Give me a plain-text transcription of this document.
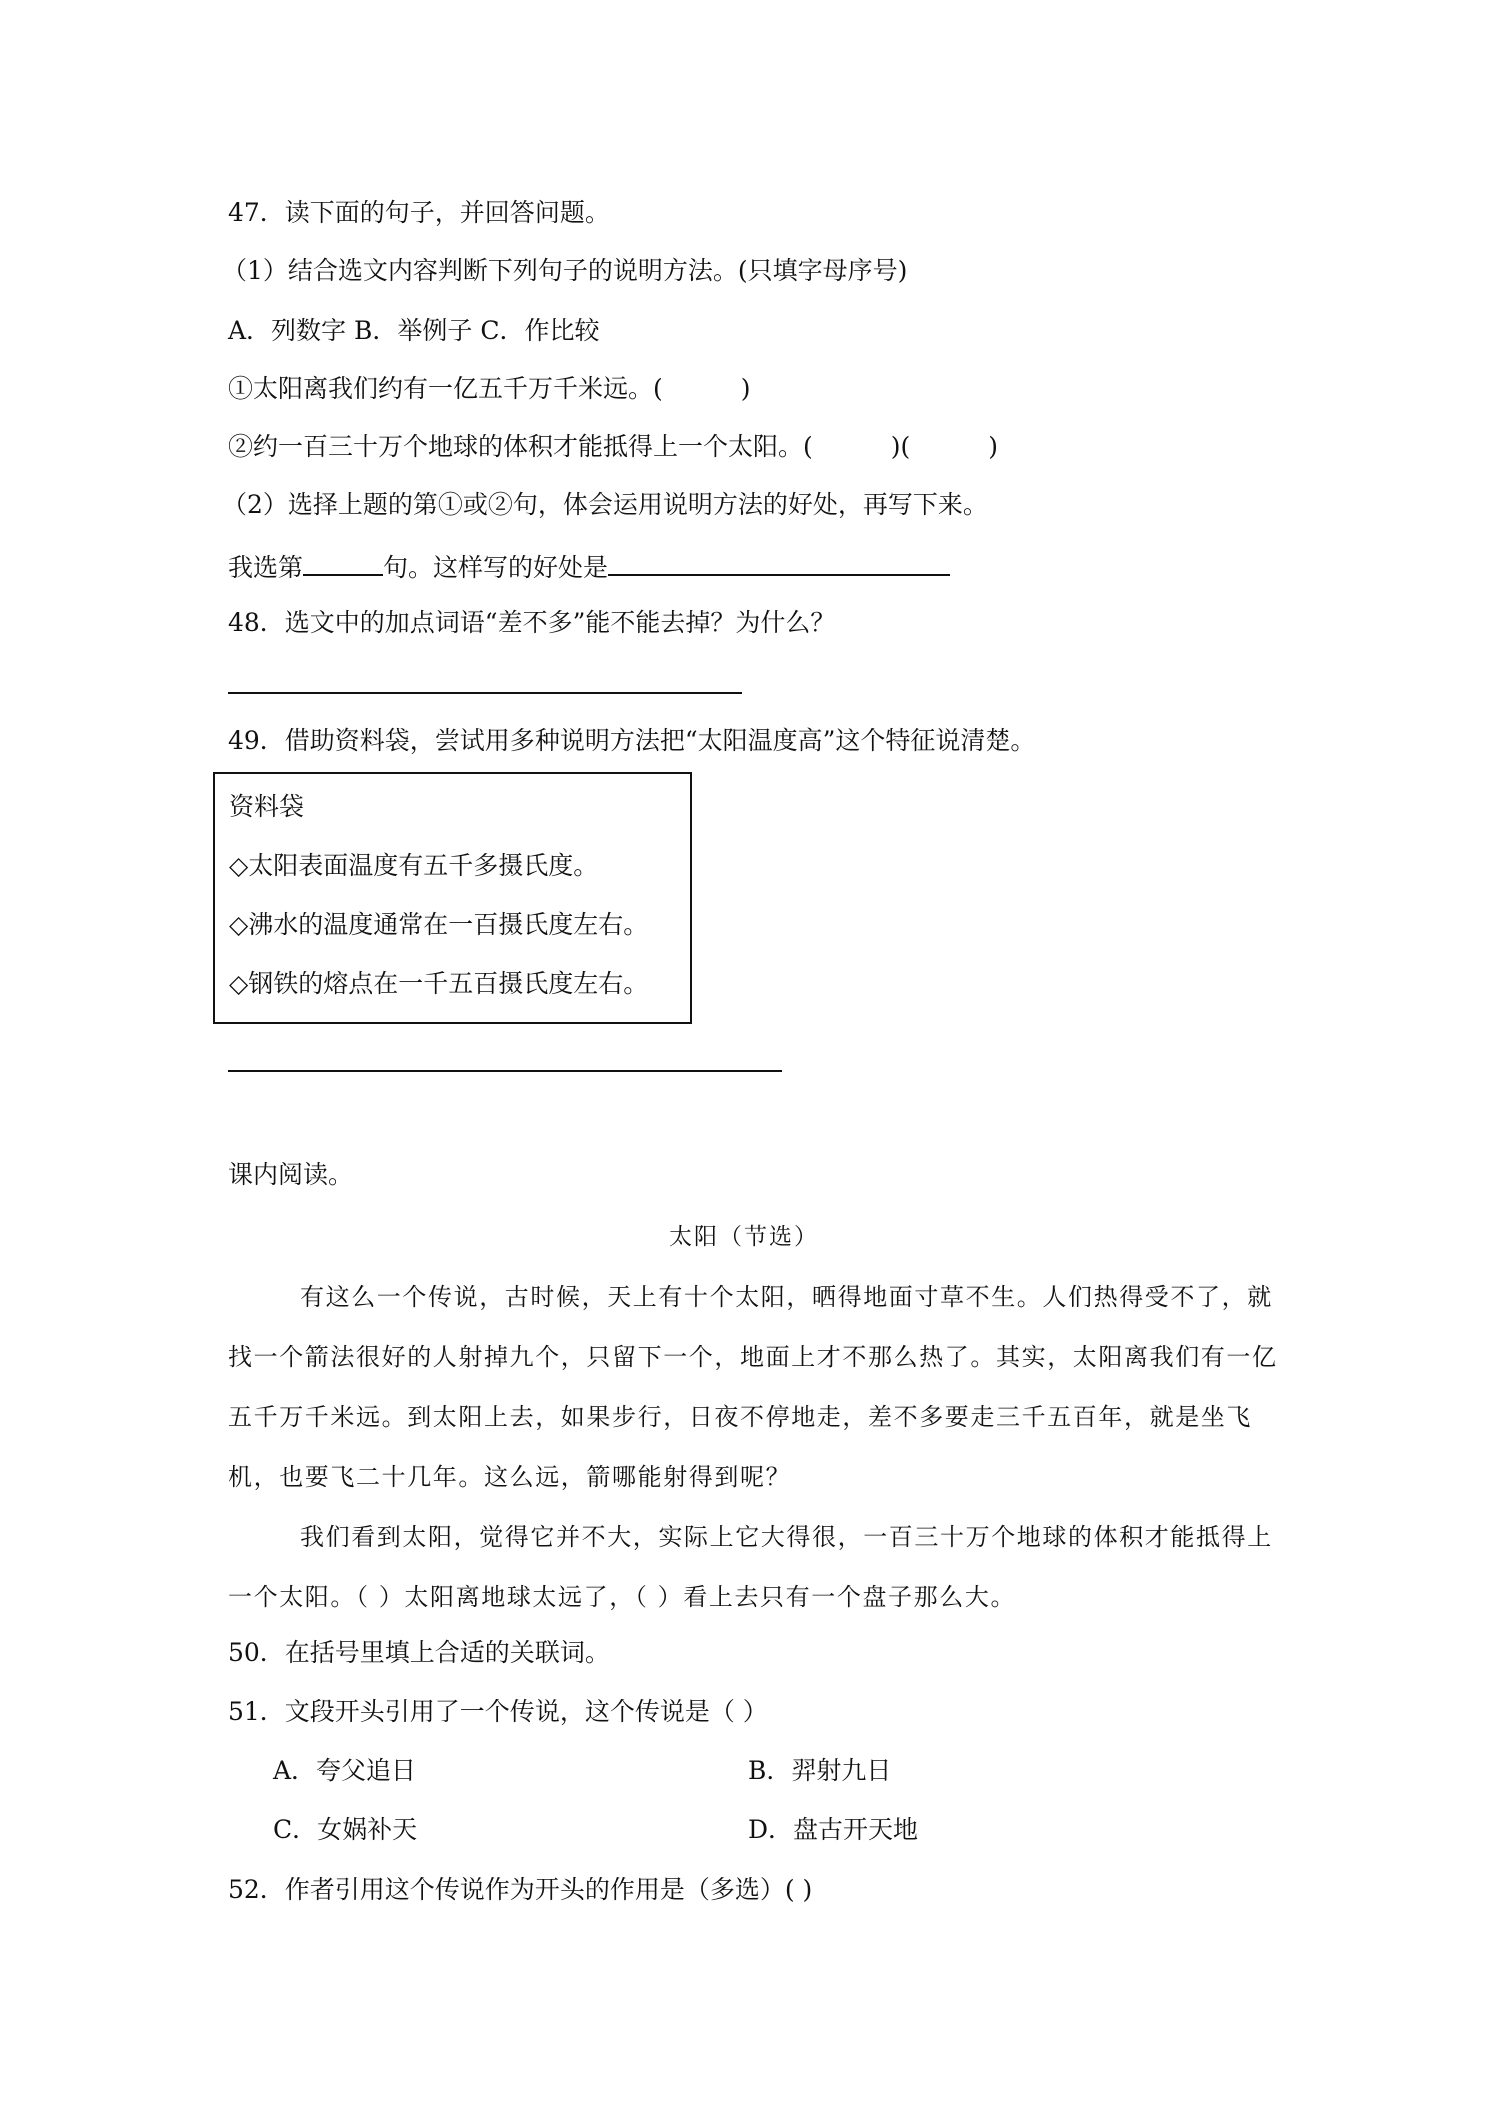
47．读下面的句子，并回答问题。
（1）结合选文内容判断下列句子的说明方法。(只填字母序号)
A．列数字 B．举例子 C．作比较
①太阳离我们约有一亿五千万千米远。(	)
②约一百三十万个地球的体积才能抵得上一个太阳。(	)(	)
（2）选择上题的第①或②句，体会运用说明方法的好处，再写下来。
我选第	句。这样写的好处是
48．选文中的加点词语“差不多”能不能去掉？为什么？
49．借助资料袋，尝试用多种说明方法把“太阳温度高”这个特征说清楚。
资料袋
◇太阳表面温度有五千多摄氏度。
◇沸水的温度通常在一百摄氏度左右。
◇钢铁的熔点在一千五百摄氏度左右。
课内阅读。
太阳（节选）
有这么一个传说，古时候，天上有十个太阳，晒得地面寸草不生。人们热得受不了，就找一个箭法很好的人射掉九个，只留下一个，地面上才不那么热了。其实，太阳离我们有一亿五千万千米远。到太阳上去，如果步行，日夜不停地走，差不多要走三千五百年，就是坐飞机，也要飞二十几年。这么远，箭哪能射得到呢？
我们看到太阳，觉得它并不大，实际上它大得很，一百三十万个地球的体积才能抵得上一个太阳。（ ）太阳离地球太远了，（ ）看上去只有一个盘子那么大。
50．在括号里填上合适的关联词。
51．文段开头引用了一个传说，这个传说是（ ）
A．夸父追日	B．羿射九日
C．女娲补天	D．盘古开天地
52．作者引用这个传说作为开头的作用是（多选）( )
